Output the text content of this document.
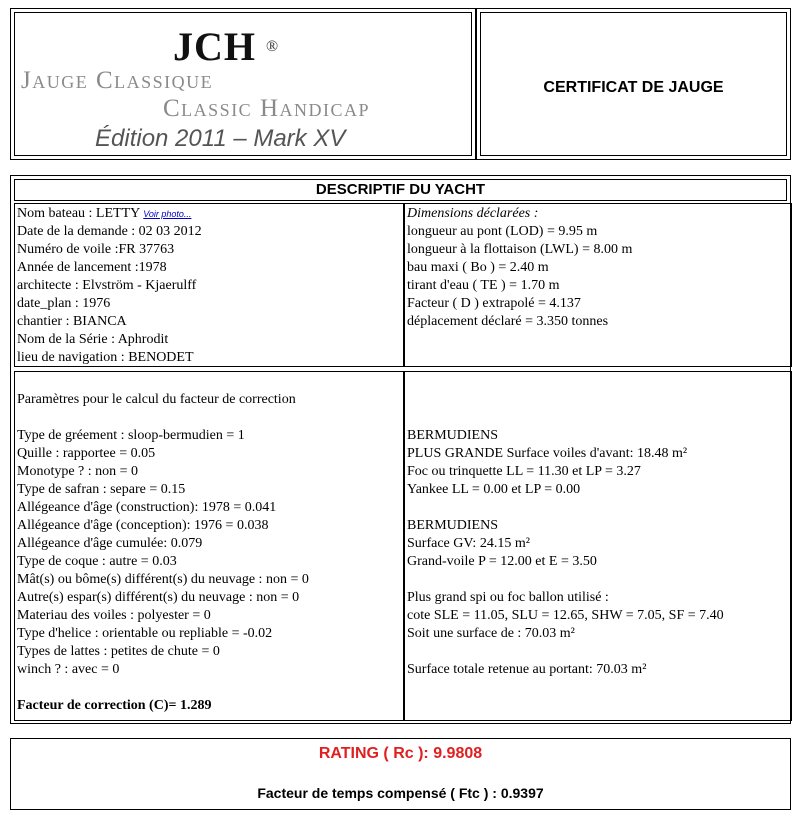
JCH ®
Jauge Classique
Classic Handicap
Édition 2011 – Mark XV
CERTIFICAT DE JAUGE
DESCRIPTIF DU YACHT
Nom bateau : LETTY Voir photo...
Date de la demande : 02 03 2012
Numéro de voile :FR 37763
Année de lancement :1978
architecte : Elvström - Kjaerulff
date_plan : 1976
chantier : BIANCA
Nom de la Série : Aphrodit
lieu de navigation : BENODET
Dimensions déclarées :
longueur au pont (LOD) = 9.95 m
longueur à la flottaison (LWL) = 8.00 m
bau maxi ( Bo ) = 2.40 m
tirant d'eau ( TE ) = 1.70 m
Facteur ( D ) extrapolé = 4.137
déplacement déclaré = 3.350 tonnes
Paramètres pour le calcul du facteur de correction
Type de gréement : sloop-bermudien = 1
Quille : rapportee = 0.05
Monotype ? : non = 0
Type de safran : separe = 0.15
Allégeance d'âge (construction): 1978 = 0.041
Allégeance d'âge (conception): 1976 = 0.038
Allégeance d'âge cumulée: 0.079
Type de coque : autre = 0.03
Mât(s) ou bôme(s) différent(s) du neuvage : non = 0
Autre(s) espar(s) différent(s) du neuvage : non = 0
Materiau des voiles : polyester = 0
Type d'helice : orientable ou repliable = -0.02
Types de lattes : petites de chute = 0
winch ? : avec = 0
Facteur de correction (C)= 1.289
BERMUDIENS
PLUS GRANDE Surface voiles d'avant: 18.48 m²
Foc ou trinquette LL = 11.30 et LP = 3.27
Yankee LL = 0.00 et LP = 0.00
BERMUDIENS
Surface GV: 24.15 m²
Grand-voile P = 12.00 et E = 3.50
Plus grand spi ou foc ballon utilisé :
cote SLE = 11.05, SLU = 12.65, SHW = 7.05, SF = 7.40
Soit une surface de : 70.03 m²
Surface totale retenue au portant: 70.03 m²
RATING ( Rc ): 9.9808
Facteur de temps compensé ( Ftc ) : 0.9397
